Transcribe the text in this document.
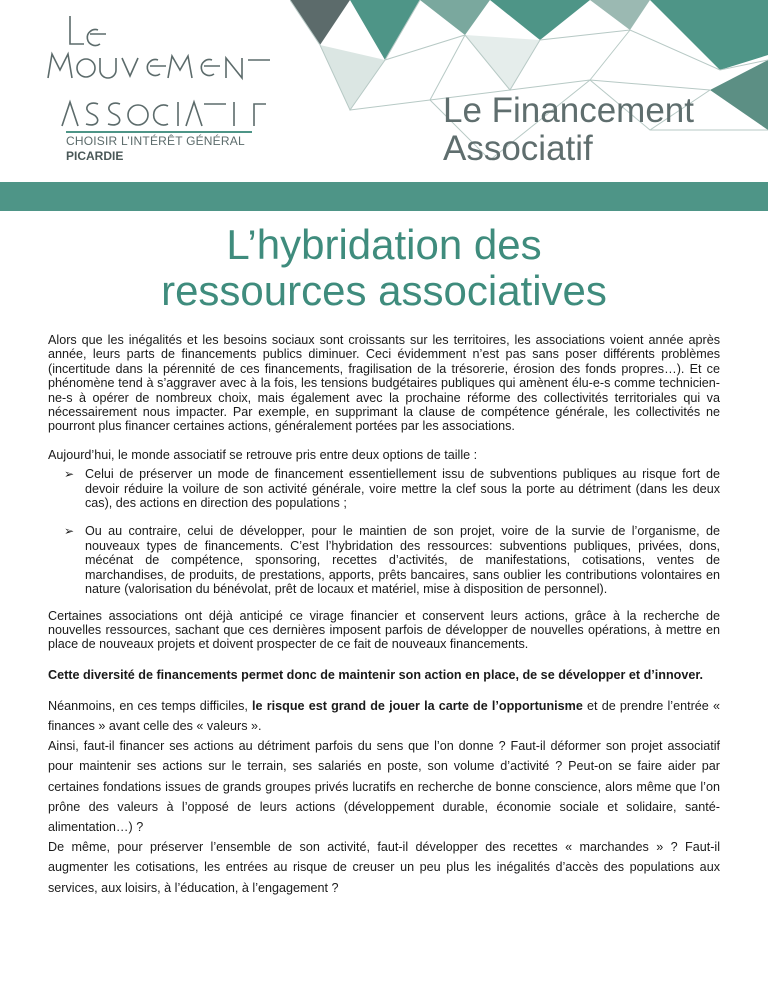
CHOISIR L’INTÉRÊT GÉNÉRAL
PICARDIE
Le Financement
Associatif
L’hybridation des
ressources associatives

Alors que les inégalités et les besoins sociaux sont croissants sur les territoires, les associations voient année après année, leurs parts de financements publics diminuer. Ceci évidemment n’est pas sans poser différents problèmes (incertitude dans la pérennité de ces financements, fragilisation de la trésorerie, érosion des fonds propres…). Et ce phénomène tend à s’aggraver avec à la fois, les tensions budgétaires publiques qui amènent élu-e-s comme technicien-ne-s à opérer de nombreux choix, mais également avec la prochaine réforme des collectivités territoriales qui va nécessairement nous impacter. Par exemple, en supprimant la clause de compétence générale, les collectivités ne pourront plus financer certaines actions, généralement portées par les associations.

Aujourd’hui, le monde associatif se retrouve pris entre deux options de taille :

➢ Celui de préserver un mode de financement essentiellement issu de subventions publiques au risque fort de devoir réduire la voilure de son activité générale, voire mettre la clef sous la porte au détriment (dans les deux cas), des actions en direction des populations ;
➢ Ou au contraire, celui de développer, pour le maintien de son projet, voire de la survie de l’organisme, de nouveaux types de financements. C’est l’hybridation des ressources: subventions publiques, privées, dons, mécénat de compétence, sponsoring, recettes d’activités, de manifestations, cotisations, ventes de marchandises, de produits, de prestations, apports, prêts bancaires, sans oublier les contributions volontaires en nature (valorisation du bénévolat, prêt de locaux et matériel, mise à disposition de personnel).

Certaines associations ont déjà anticipé ce virage financier et conservent leurs actions, grâce à la recherche de nouvelles ressources, sachant que ces dernières imposent parfois de développer de nouvelles opérations, à mettre en place de nouveaux projets et doivent prospecter de ce fait de nouveaux financements.

Cette diversité de financements permet donc de maintenir son action en place, de se développer et d’innover.

Néanmoins, en ces temps difficiles, le risque est grand de jouer la carte de l’opportunisme et de prendre l’entrée « finances » avant celle des « valeurs ».

Ainsi, faut-il financer ses actions au détriment parfois du sens que l’on donne ? Faut-il déformer son projet associatif pour maintenir ses actions sur le terrain, ses salariés en poste, son volume d’activité ? Peut-on se faire aider par certaines fondations issues de grands groupes privés lucratifs en recherche de bonne conscience, alors même que l’on prône des valeurs à l’opposé de leurs actions (développement durable, économie sociale et solidaire, santé-alimentation…) ?

De même, pour préserver l’ensemble de son activité, faut-il développer des recettes « marchandes » ? Faut-il augmenter les cotisations, les entrées au risque de creuser un peu plus les inégalités d’accès des populations aux services, aux loisirs, à l’éducation, à l’engagement ?
